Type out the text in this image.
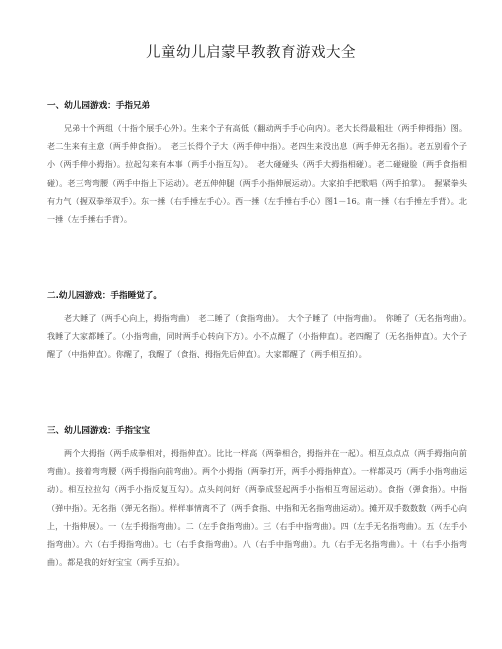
儿童幼儿启蒙早教教育游戏大全

一、幼儿园游戏：手指兄弟

兄弟十个两组（十指个展手心外）。生来个子有高低（翻动两手手心向内）。老大长得最粗壮（两手伸拇指）图。老二生来有主意（两手伸食指）。　老三长得个子大（两手伸中指）。老四生来没出息（两手伸无名指）。老五别看个子小（两手伸小拇指）。拉起勾来有本事（两手小指互勾）。　老大碰碰头（两手大拇指相碰）。老二碰碰脸（两手食指相碰）。老三弯弯腰（两手中指上下运动）。老五伸伸腿（两手小指伸展运动）。大家拍手把歌唱（两手拍掌）。　握紧拳头有力气（握双拳举双手）。东一捶（右手捶左手心）。西一捶（左手捶右手心）图1－16。南一捶（右手捶左手背）。北一捶（左手捶右手背）。

二.幼儿园游戏：手指睡觉了。

老大睡了（两手心向上，拇指弯曲）　老二睡了（食指弯曲）。　大个子睡了（中指弯曲）。　你睡了（无名指弯曲）。　我睡了大家都睡了。（小指弯曲，同时两手心转向下方）。小不点醒了（小指伸直）。老四醒了（无名指伸直）。大个子醒了（中指伸直）。你醒了，我醒了（食指、拇指先后伸直）。大家都醒了（两手相互拍）。

三、幼儿园游戏：手指宝宝

两个大拇指（两手成拳相对，拇指伸直）。比比一样高（两拳相合，拇指并在一起）。相互点点点（两手拇指向前弯曲）。接着弯弯腰（两手拇指向前弯曲）。两个小拇指（两拳打开，两手小拇指伸直）。一样都灵巧（两手小指弯曲运动）。相互拉拉勾（两手小指反复互勾）。点头问问好（两拳成竖起两手小指相互弯屈运动）。食指（弹食指）。中指（弹中指）。无名指（弹无名指）。样样事情离不了（两手食指、中指和无名指弯曲运动）。摊开双手数数数（两手心向上，十指伸展）。一（左手拇指弯曲）。二（左手食指弯曲）。三（右手中指弯曲）。四（左手无名指弯曲）。五（左手小指弯曲）。六（右手拇指弯曲）。七（右手食指弯曲）。八（右手中指弯曲）。九（右手无名指弯曲）。十（右手小指弯曲）。都是我的好好宝宝（两手互拍）。
